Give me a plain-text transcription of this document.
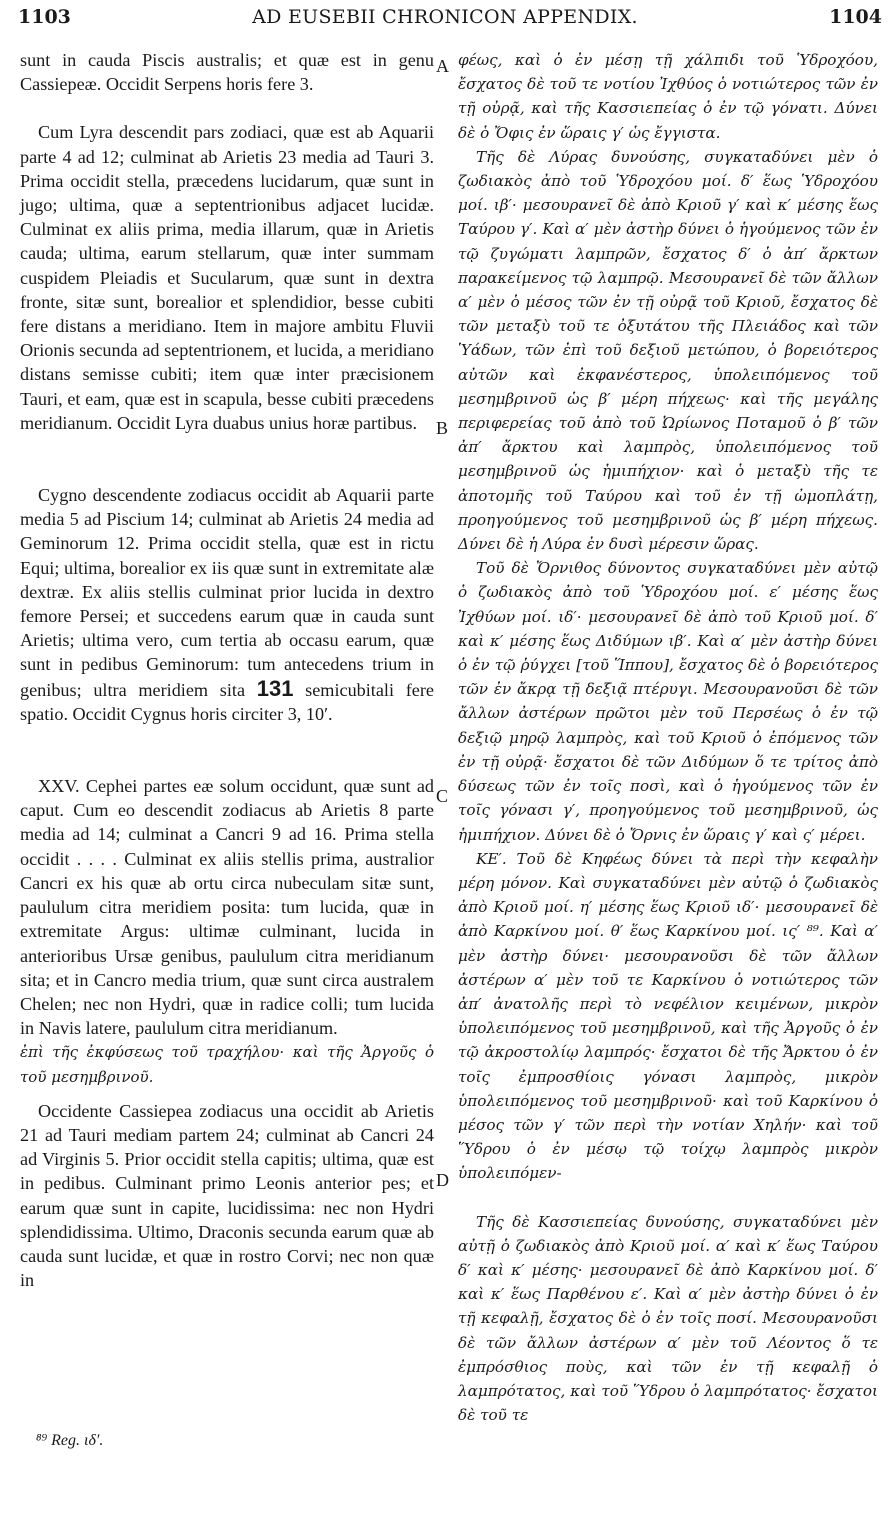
1103	AD EUSEBII CHRONICON APPENDIX.	1104

sunt in cauda Piscis australis; et quæ est in genu Cassiepeæ. Occidit Serpens horis fere 3.

Cum Lyra descendit pars zodiaci, quæ est ab Aquarii parte 4 ad 12; culminat ab Arietis 23 media ad Tauri 3. Prima occidit stella, præcedens lucidarum, quæ sunt in jugo; ultima, quæ a septentrionibus adjacet lucidæ. Culminat ex aliis prima, media illarum, quæ in Arietis cauda; ultima, earum stellarum, quæ inter summam cuspidem Pleiadis et Sucularum, quæ sunt in dextra fronte, sitæ sunt, borealior et splendidior, besse cubiti fere distans a meridiano. Item in majore ambitu Fluvii Orionis secunda ad septentrionem, et lucida, a meridiano distans semisse cubiti; item quæ inter præcisionem Tauri, et eam, quæ est in scapula, besse cubiti præcedens meridianum. Occidit Lyra duabus unius horæ partibus.

Cygno descendente zodiacus occidit ab Aquarii parte media 5 ad Piscium 14; culminat ab Arietis 24 media ad Geminorum 12. Prima occidit stella, quæ est in rictu Equi; ultima, borealior ex iis quæ sunt in extremitate alæ dextræ. Ex aliis stellis culminat prior lucida in dextro femore Persei; et succedens earum quæ in cauda sunt Arietis; ultima vero, cum tertia ab occasu earum, quæ sunt in pedibus Geminorum: tum antecedens trium in genibus; ultra meridiem sita 131 semicubitali fere spatio. Occidit Cygnus horis circiter 3, 10′.

XXV. Cephei partes eæ solum occidunt, quæ sunt ad caput. Cum eo descendit zodiacus ab Arietis 8 parte media ad 14; culminat a Cancri 9 ad 16. Prima stella occidit . . . . Culminat ex aliis stellis prima, australior Cancri ex his quæ ab ortu circa nubeculam sitæ sunt, paululum citra meridiem posita: tum lucida, quæ in extremitate Argus: ultimæ culminant, lucida in anterioribus Ursæ genibus, paululum citra meridianum sita; et in Cancro media trium, quæ sunt circa australem Chelen; nec non Hydri, quæ in radice colli; tum lucida in Navis latere, paululum citra meridianum.

ἐπὶ τῆς ἐκφύσεως τοῦ τραχήλου· καὶ τῆς Ἀργοῦς ὁ τοῦ μεσημβρινοῦ.

Occidente Cassiepea zodiacus una occidit ab Arietis 21 ad Tauri mediam partem 24; culminat ab Cancri 24 ad Virginis 5. Prior occidit stella capitis; ultima, quæ est in pedibus. Culminant primo Leonis anterior pes; et earum quæ sunt in capite, lucidissima: nec non Hydri splendidissima. Ultimo, Draconis secunda earum quæ ab cauda sunt lucidæ, et quæ in rostro Corvi; nec non quæ in

φέως, καὶ ὁ ἐν μέσῃ τῇ χάλπιδι τοῦ Ὑδροχόου, ἔσχατος δὲ τοῦ τε νοτίου Ἰχθύος ὁ νοτιώτερος τῶν ἐν τῇ οὐρᾷ, καὶ τῆς Κασσιεπείας ὁ ἐν τῷ γόνατι. Δύνει δὲ ὁ Ὄφις ἐν ὥραις γ′ ὡς ἔγγιστα.

Τῆς δὲ Λύρας δυνούσης, συγκαταδύνει μὲν ὁ ζωδιακὸς ἀπὸ τοῦ Ὑδροχόου μοί. δ′ ἕως Ὑδροχόου μοί. ιβ′· μεσουρανεῖ δὲ ἀπὸ Κριοῦ γ′ καὶ κ′ μέσης ἕως Ταύρου γ′. Καὶ α′ μὲν ἀστὴρ δύνει ὁ ἡγούμενος τῶν ἐν τῷ ζυγώματι λαμπρῶν, ἔσχατος δ′ ὁ ἀπ′ ἄρκτων παρακείμενος τῷ λαμπρῷ. Μεσουρανεῖ δὲ τῶν ἄλλων α′ μὲν ὁ μέσος τῶν ἐν τῇ οὐρᾷ τοῦ Κριοῦ, ἔσχατος δὲ τῶν μεταξὺ τοῦ τε ὀξυτάτου τῆς Πλειάδος καὶ τῶν Ὑάδων, τῶν ἐπὶ τοῦ δεξιοῦ μετώπου, ὁ βορειότερος αὐτῶν καὶ ἐκφανέστερος, ὑπολειπόμενος τοῦ μεσημβρινοῦ ὡς β′ μέρη πήχεως· καὶ τῆς μεγάλης περιφερείας τοῦ ἀπὸ τοῦ Ὠρίωνος Ποταμοῦ ὁ β′ τῶν ἀπ′ ἄρκτου καὶ λαμπρὸς, ὑπολειπόμενος τοῦ μεσημβρινοῦ ὡς ἡμιπήχιον· καὶ ὁ μεταξὺ τῆς τε ἀποτομῆς τοῦ Ταύρου καὶ τοῦ ἐν τῇ ὠμοπλάτῃ, προηγούμενος τοῦ μεσημβρινοῦ ὡς β′ μέρη πήχεως. Δύνει δὲ ἡ Λύρα ἐν δυσὶ μέρεσιν ὥρας.

Τοῦ δὲ Ὄρνιθος δύνοντος συγκαταδύνει μὲν αὐτῷ ὁ ζωδιακὸς ἀπὸ τοῦ Ὑδροχόου μοί. ε′ μέσης ἕως Ἰχθύων μοί. ιδ′· μεσουρανεῖ δὲ ἀπὸ τοῦ Κριοῦ μοί. δ′ καὶ κ′ μέσης ἕως Διδύμων ιβ′. Καὶ α′ μὲν ἀστὴρ δύνει ὁ ἐν τῷ ῥύγχει [τοῦ Ἵππου], ἔσχατος δὲ ὁ βορειότερος τῶν ἐν ἄκρᾳ τῇ δεξιᾷ πτέρυγι. Μεσουρανοῦσι δὲ τῶν ἄλλων ἀστέρων πρῶτοι μὲν τοῦ Περσέως ὁ ἐν τῷ δεξιῷ μηρῷ λαμπρὸς, καὶ τοῦ Κριοῦ ὁ ἑπόμενος τῶν ἐν τῇ οὐρᾷ· ἔσχατοι δὲ τῶν Διδύμων ὅ τε τρίτος ἀπὸ δύσεως τῶν ἐν τοῖς ποσὶ, καὶ ὁ ἡγούμενος τῶν ἐν τοῖς γόνασι γ′, προηγούμενος τοῦ μεσημβρινοῦ, ὡς ἡμιπήχιον. Δύνει δὲ ὁ Ὄρνις ἐν ὥραις γ′ καὶ ς′ μέρει.

ΚΕ′. Τοῦ δὲ Κηφέως δύνει τὰ περὶ τὴν κεφαλὴν μέρη μόνον. Καὶ συγκαταδύνει μὲν αὐτῷ ὁ ζωδιακὸς ἀπὸ Κριοῦ μοί. η′ μέσης ἕως Κριοῦ ιδ′· μεσουρανεῖ δὲ ἀπὸ Καρκίνου μοί. θ′ ἕως Καρκίνου μοί. ις′ ⁸⁹. Καὶ α′ μὲν ἀστὴρ δύνει· μεσουρανοῦσι δὲ τῶν ἄλλων ἀστέρων α′ μὲν τοῦ τε Καρκίνου ὁ νοτιώτερος τῶν ἀπ′ ἀνατολῆς περὶ τὸ νεφέλιον κειμένων, μικρὸν ὑπολειπόμενος τοῦ μεσημβρινοῦ, καὶ τῆς Ἀργοῦς ὁ ἐν τῷ ἀκροστολίῳ λαμπρός· ἔσχατοι δὲ τῆς Ἄρκτου ὁ ἐν τοῖς ἐμπροσθίοις γόνασι λαμπρὸς, μικρὸν ὑπολειπόμενος τοῦ μεσημβρινοῦ· καὶ τοῦ Καρκίνου ὁ μέσος τῶν γ′ τῶν περὶ τὴν νοτίαν Χηλήν· καὶ τοῦ Ὕδρου ὁ ἐν μέσῳ τῷ τοίχῳ λαμπρὸς μικρὸν ὑπολειπόμεν-

Τῆς δὲ Κασσιεπείας δυνούσης, συγκαταδύνει μὲν αὐτῇ ὁ ζωδιακὸς ἀπὸ Κριοῦ μοί. α′ καὶ κ′ ἕως Ταύρου δ′ καὶ κ′ μέσης· μεσουρανεῖ δὲ ἀπὸ Καρκίνου μοί. δ′ καὶ κ′ ἕως Παρθένου ε′. Καὶ α′ μὲν ἀστὴρ δύνει ὁ ἐν τῇ κεφαλῇ, ἔσχατος δὲ ὁ ἐν τοῖς ποσί. Μεσουρανοῦσι δὲ τῶν ἄλλων ἀστέρων α′ μὲν τοῦ Λέοντος ὅ τε ἐμπρόσθιος ποὺς, καὶ τῶν ἐν τῇ κεφαλῇ ὁ λαμπρότατος, καὶ τοῦ Ὕδρου ὁ λαμπρότατος· ἔσχατοι δὲ τοῦ τε

A
B
C
D
⁸⁹ Reg. ιδ′.
